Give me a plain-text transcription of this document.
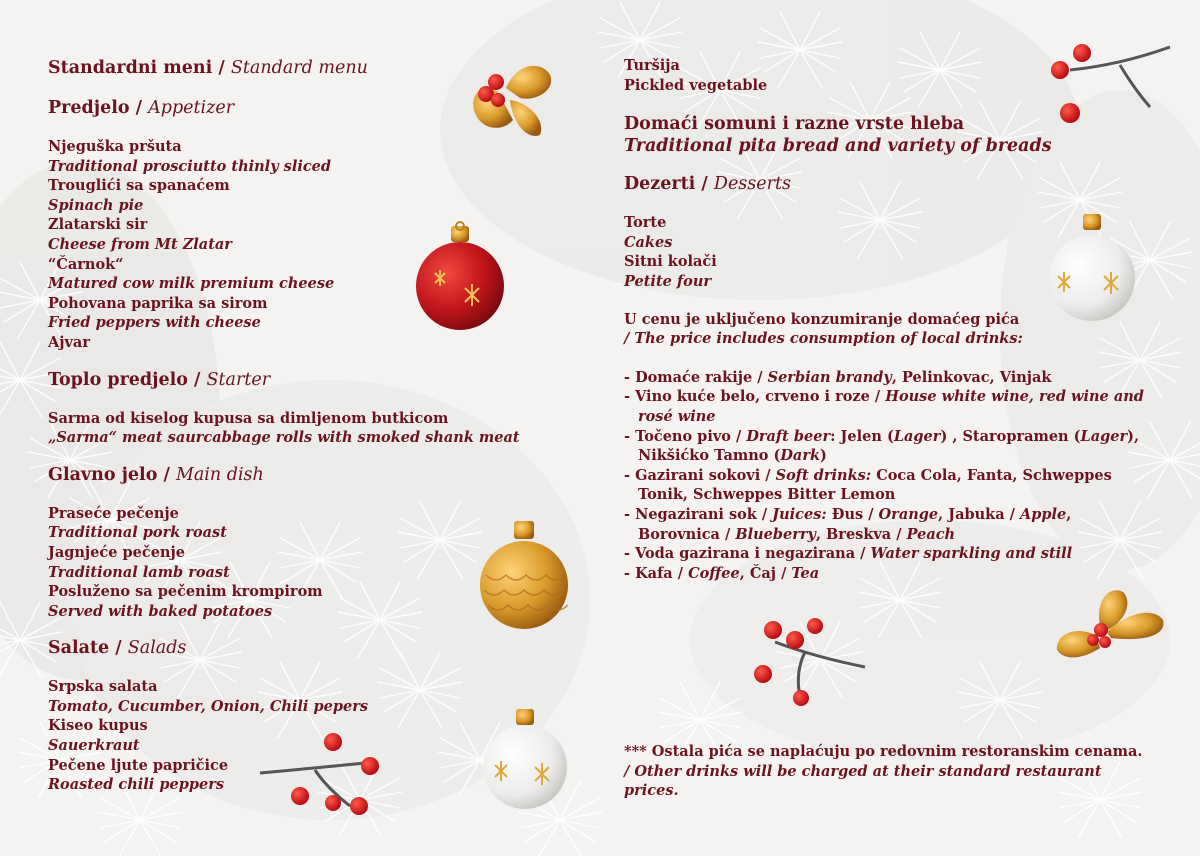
Standardni meni / Standard menu

Predjelo / Appetizer

Njeguška pršuta

Traditional prosciutto thinly sliced

Trouglići sa spanaćem

Spinach pie

Zlatarski sir

Cheese from Mt Zlatar

“Čarnok“

Matured cow milk premium cheese

Pohovana paprika sa sirom

Fried peppers with cheese

Ajvar

Toplo predjelo / Starter

Sarma od kiselog kupusa sa dimljenom butkicom

„Sarma“ meat saurcabbage rolls with smoked shank meat

Glavno jelo / Main dish

Praseće pečenje

Traditional pork roast

Jagnjeće pečenje

Traditional lamb roast

Posluženo sa pečenim krompirom

Served with baked potatoes

Salate / Salads

Srpska salata

Tomato, Cucumber, Onion, Chili pepers

Kiseo kupus

Sauerkraut

Pečene ljute papričice

Roasted chili peppers

Turšija

Pickled vegetable

Domaći somuni i razne vrste hleba

Traditional pita bread and variety of breads

Dezerti / Desserts

Torte

Cakes

Sitni kolači

Petite four

U cenu je uključeno konzumiranje domaćeg pića

/ The price includes consumption of local drinks:

- Domaće rakije / Serbian brandy, Pelinkovac, Vinjak

- Vino kuće belo, crveno i roze / House white wine, red wine and
rosé wine

- Točeno pivo / Draft beer: Jelen (Lager) , Staropramen (Lager),
Nikšićko Tamno (Dark)

- Gazirani sokovi / Soft drinks: Coca Cola, Fanta, Schweppes
Tonik, Schweppes Bitter Lemon

- Negazirani sok / Juices: Đus / Orange, Jabuka / Apple,
Borovnica / Blueberry, Breskva / Peach

- Voda gazirana i negazirana / Water sparkling and still

- Kafa / Coffee, Čaj / Tea

*** Ostala pića se naplaćuju po redovnim restoranskim cenama.

/ Other drinks will be charged at their standard restaurant

prices.
